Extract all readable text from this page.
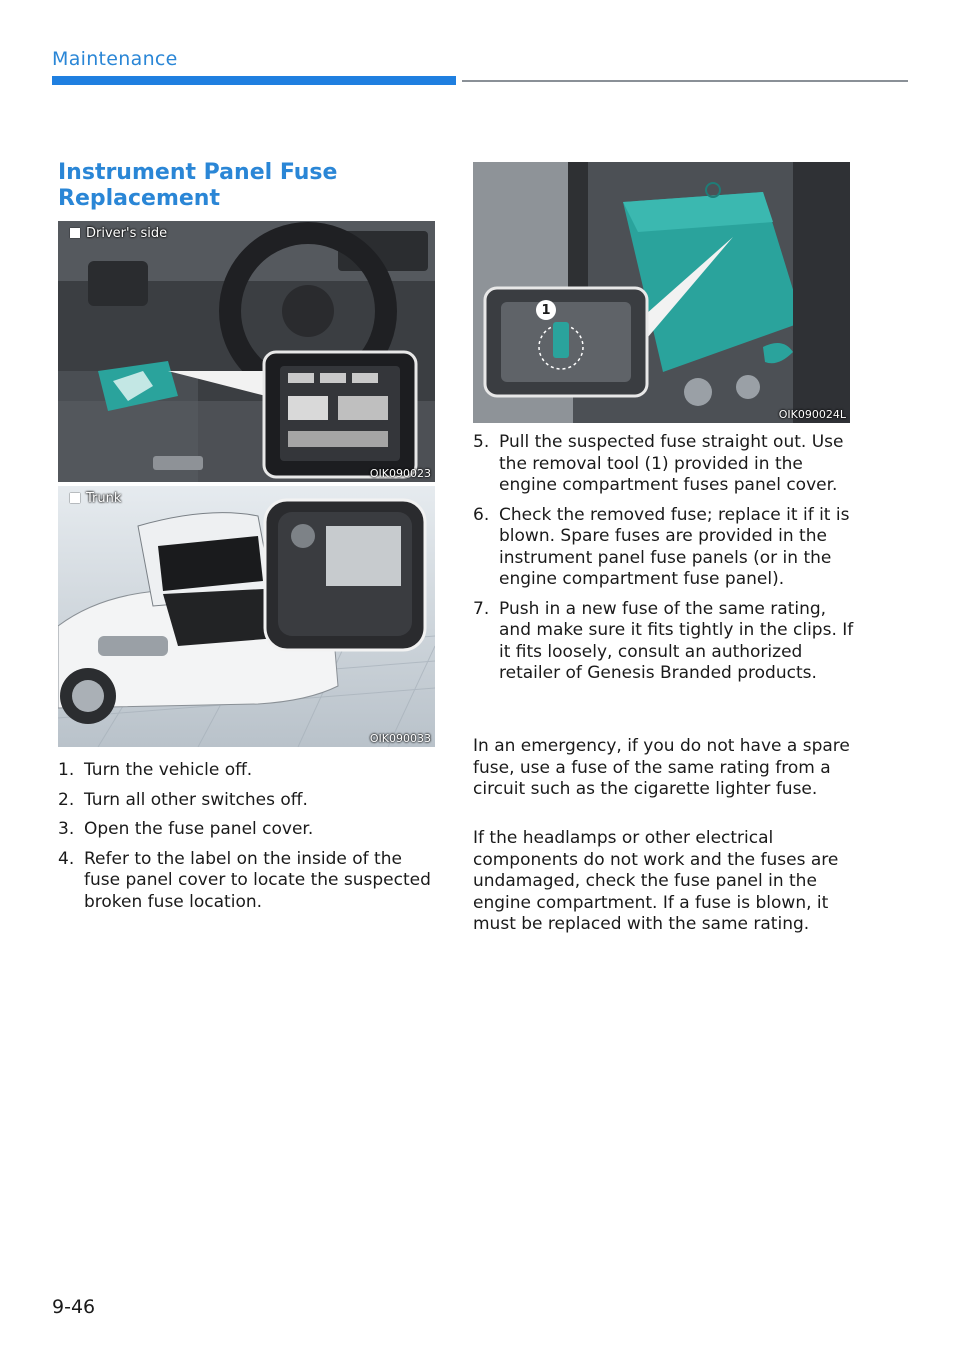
Maintenance

Instrument Panel Fuse Replacement
Driver's side
OIK090023
Trunk
OIK090033
1
OIK090024L
1. Turn the vehicle off.
2. Turn all other switches off.
3. Open the fuse panel cover.
4. Refer to the label on the inside of the fuse panel cover to locate the suspected broken fuse location.
5. Pull the suspected fuse straight out. Use the removal tool (1) provided in the engine compartment fuses panel cover.
6. Check the removed fuse; replace it if it is blown. Spare fuses are provided in the instrument panel fuse panels (or in the engine compartment fuse panel).
7. Push in a new fuse of the same rating, and make sure it fits tightly in the clips. If it fits loosely, consult an authorized retailer of Genesis Branded products.

In an emergency, if you do not have a spare fuse, use a fuse of the same rating from a circuit such as the cigarette lighter fuse.

If the headlamps or other electrical components do not work and the fuses are undamaged, check the fuse panel in the engine compartment. If a fuse is blown, it must be replaced with the same rating.

9-46
